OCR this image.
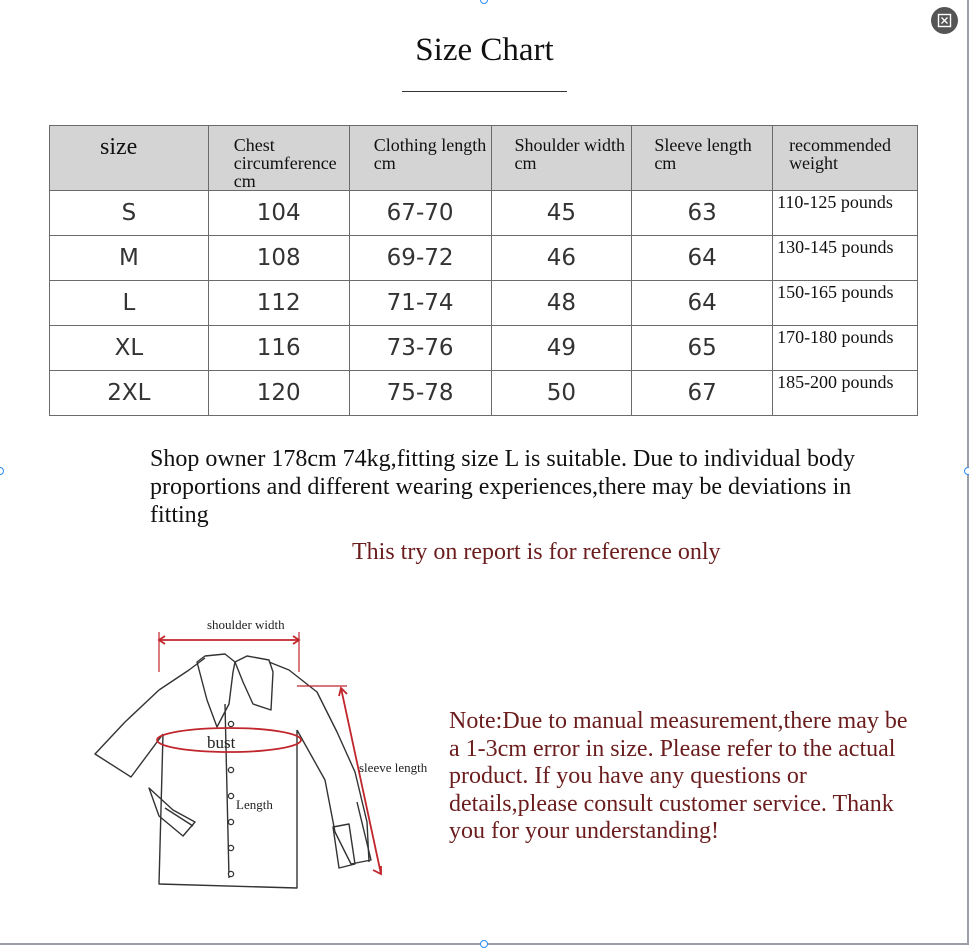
Size Chart
size	Chest circumference cm	Clothing length cm	Shoulder width cm	Sleeve length cm	recommended weight
S	104	67-70	45	63	110-125 pounds
M	108	69-72	46	64	130-145 pounds
L	112	71-74	48	64	150-165 pounds
XL	116	73-76	49	65	170-180 pounds
2XL	120	75-78	50	67	185-200 pounds
Shop owner 178cm 74kg,fitting size L is suitable. Due to individual body proportions and different wearing experiences,there may be deviations in fitting
This try on report is for reference only
shoulder width
bust
Length
sleeve length
Note:Due to manual measurement,there may be a 1-3cm error in size. Please refer to the actual product. If you have any questions or details,please consult customer service. Thank you for your understanding!
